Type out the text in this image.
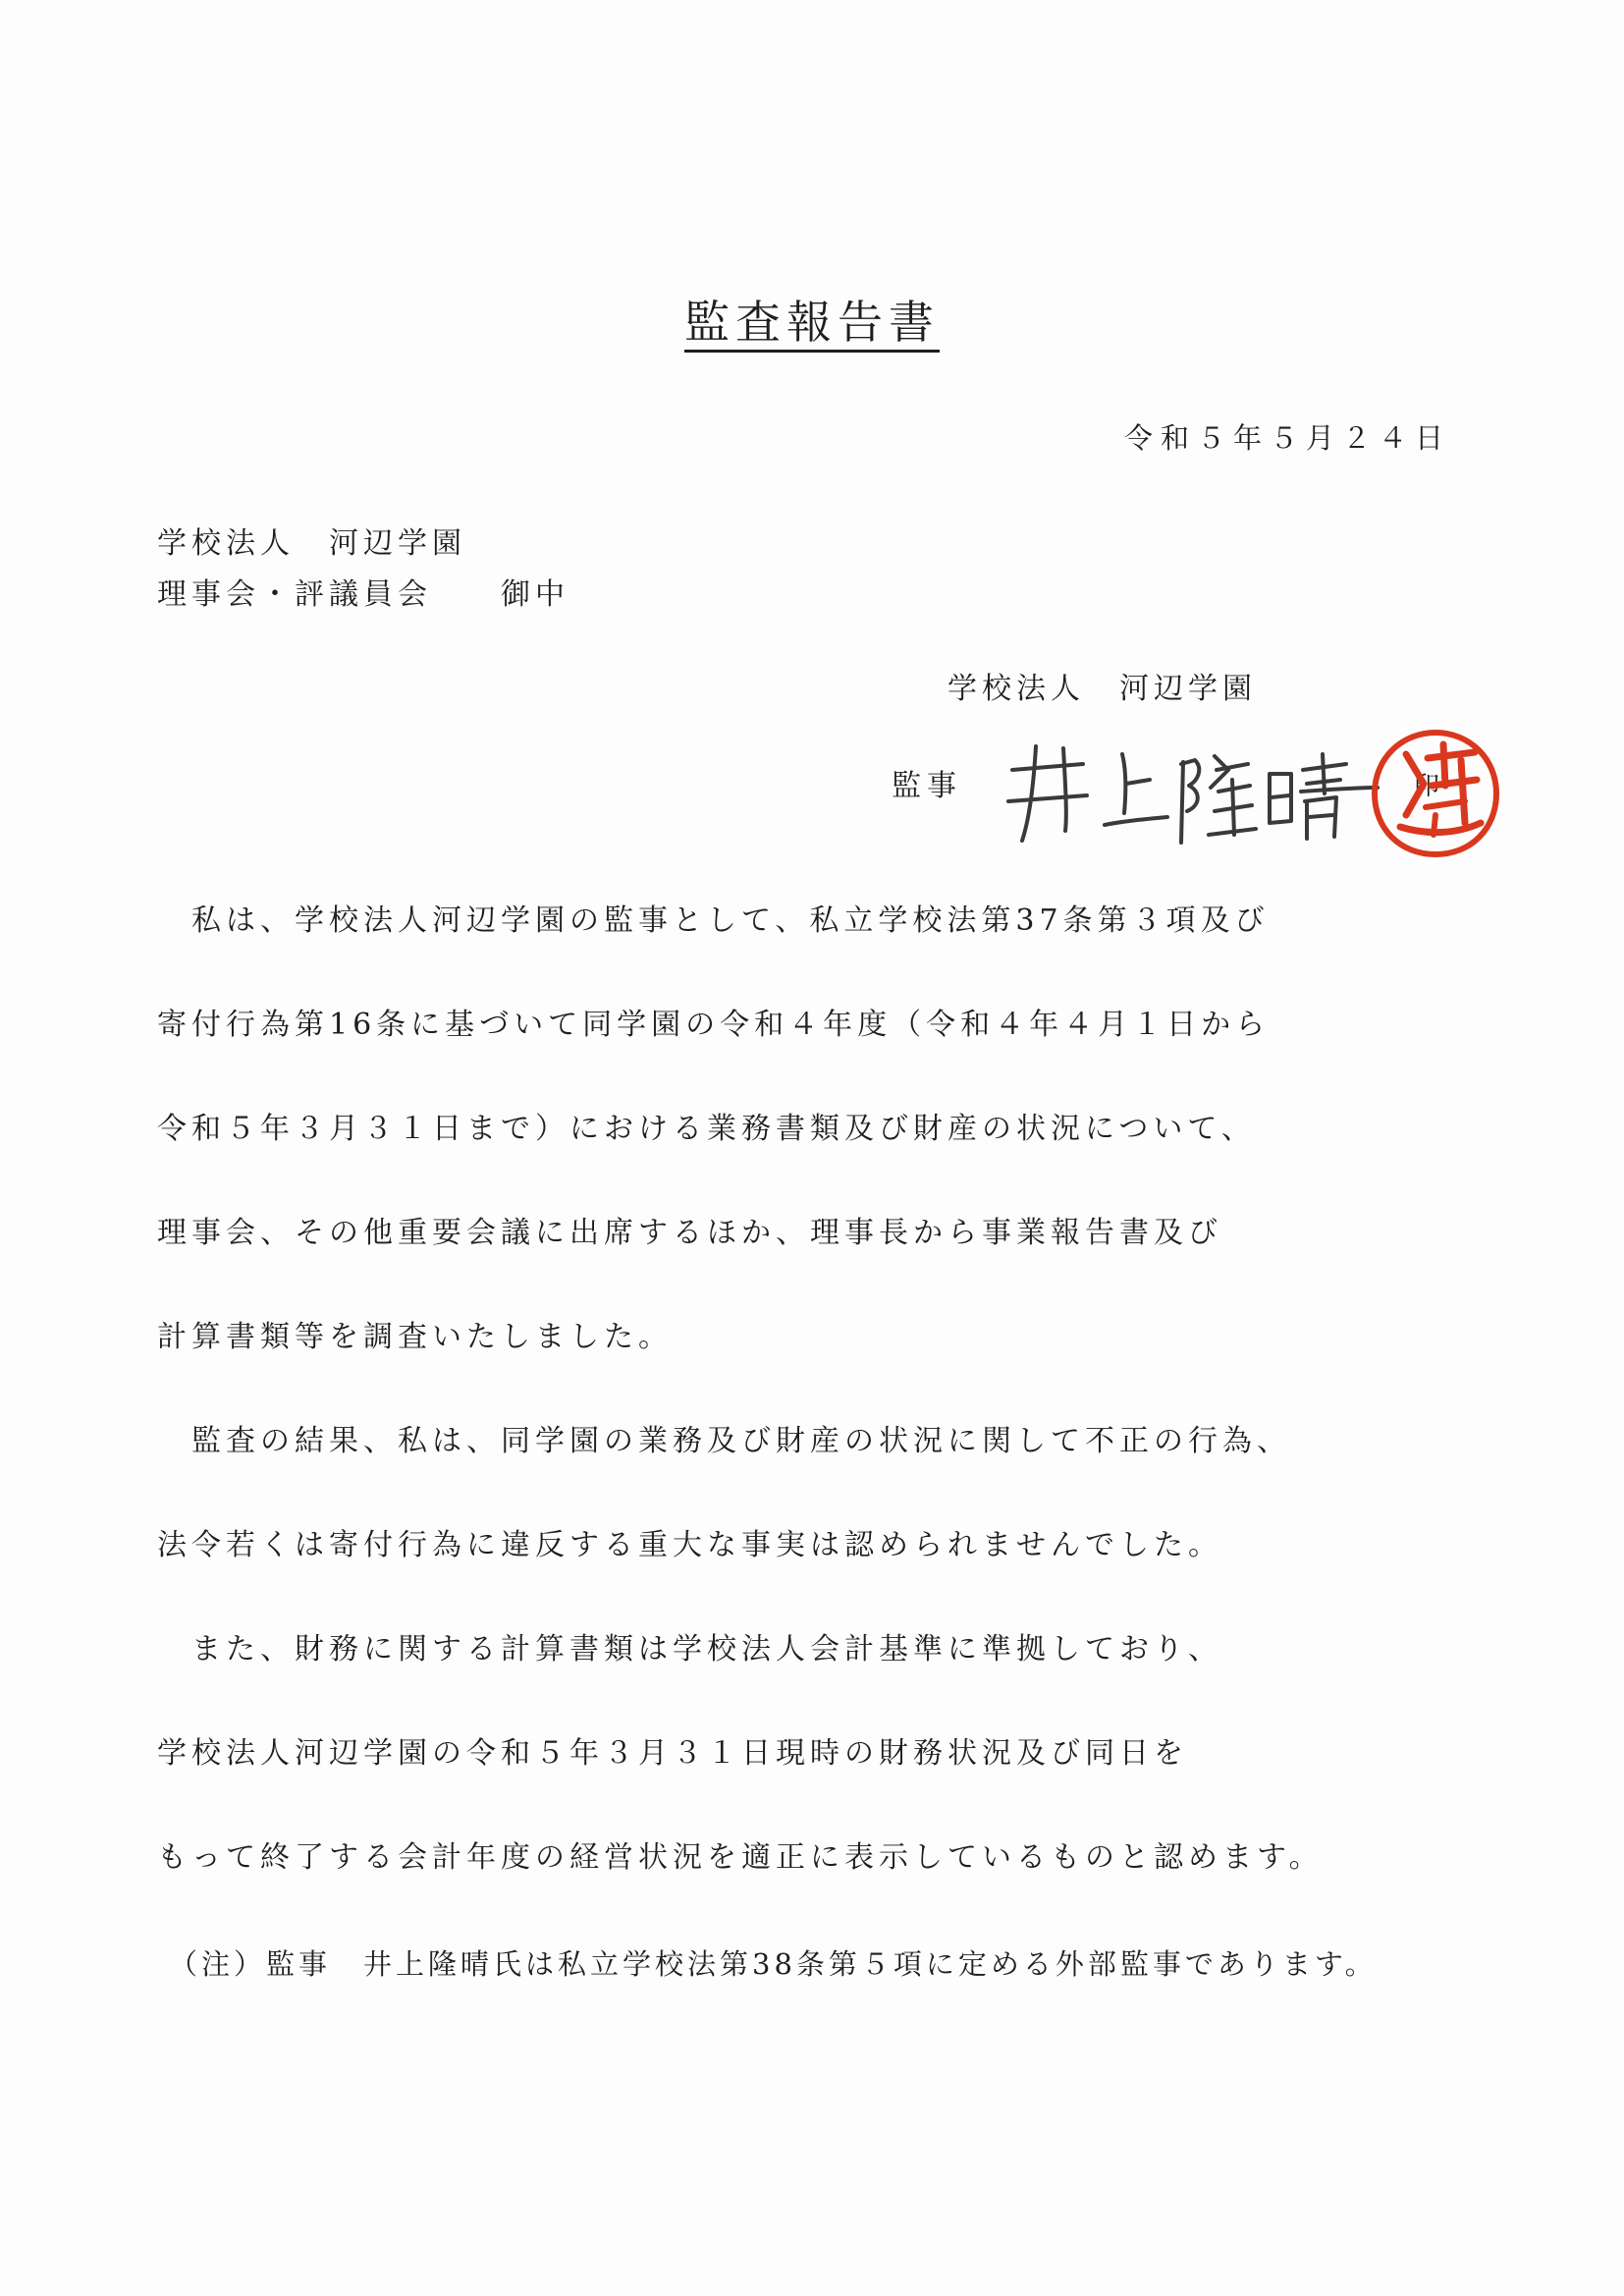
監査報告書
令和５年５月２４日
学校法人　河辺学園
理事会・評議員会　　御中
学校法人　河辺学園
監事	印

　私は、学校法人河辺学園の監事として、私立学校法第37条第３項及び

寄付行為第16条に基づいて同学園の令和４年度（令和４年４月１日から

令和５年３月３１日まで）における業務書類及び財産の状況について、

理事会、その他重要会議に出席するほか、理事長から事業報告書及び

計算書類等を調査いたしました。

　監査の結果、私は、同学園の業務及び財産の状況に関して不正の行為、

法令若くは寄付行為に違反する重大な事実は認められませんでした。

　また、財務に関する計算書類は学校法人会計基準に準拠しており、

学校法人河辺学園の令和５年３月３１日現時の財務状況及び同日を

もって終了する会計年度の経営状況を適正に表示しているものと認めます。

（注）監事　井上隆晴氏は私立学校法第38条第５項に定める外部監事であります。
